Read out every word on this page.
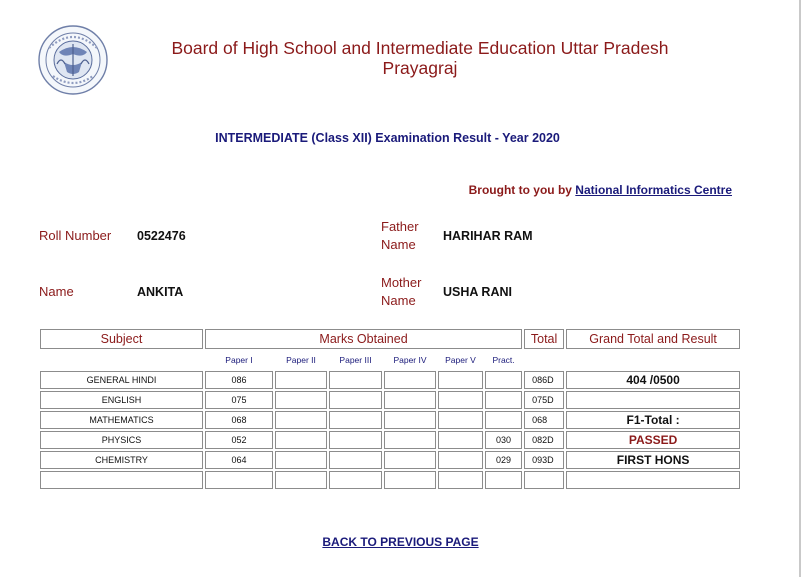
Board of High School and Intermediate Education Uttar Pradesh
Prayagraj
INTERMEDIATE (Class XII) Examination Result - Year 2020
Brought to you by National Informatics Centre
Roll Number 0522476
Father
Name
HARIHAR RAM
Name	ANKITA
Mother
Name
USHA RANI
Subject	Marks Obtained						Total	Grand Total and Result
	Paper I	Paper II	Paper III	Paper IV	Paper V	Pract.		
GENERAL HINDI	086						086D	404 /0500
ENGLISH	075						075D	
MATHEMATICS	068						068	F1-Total :
PHYSICS	052					030	082D	PASSED
CHEMISTRY	064					029	093D	FIRST HONS

BACK TO PREVIOUS PAGE
